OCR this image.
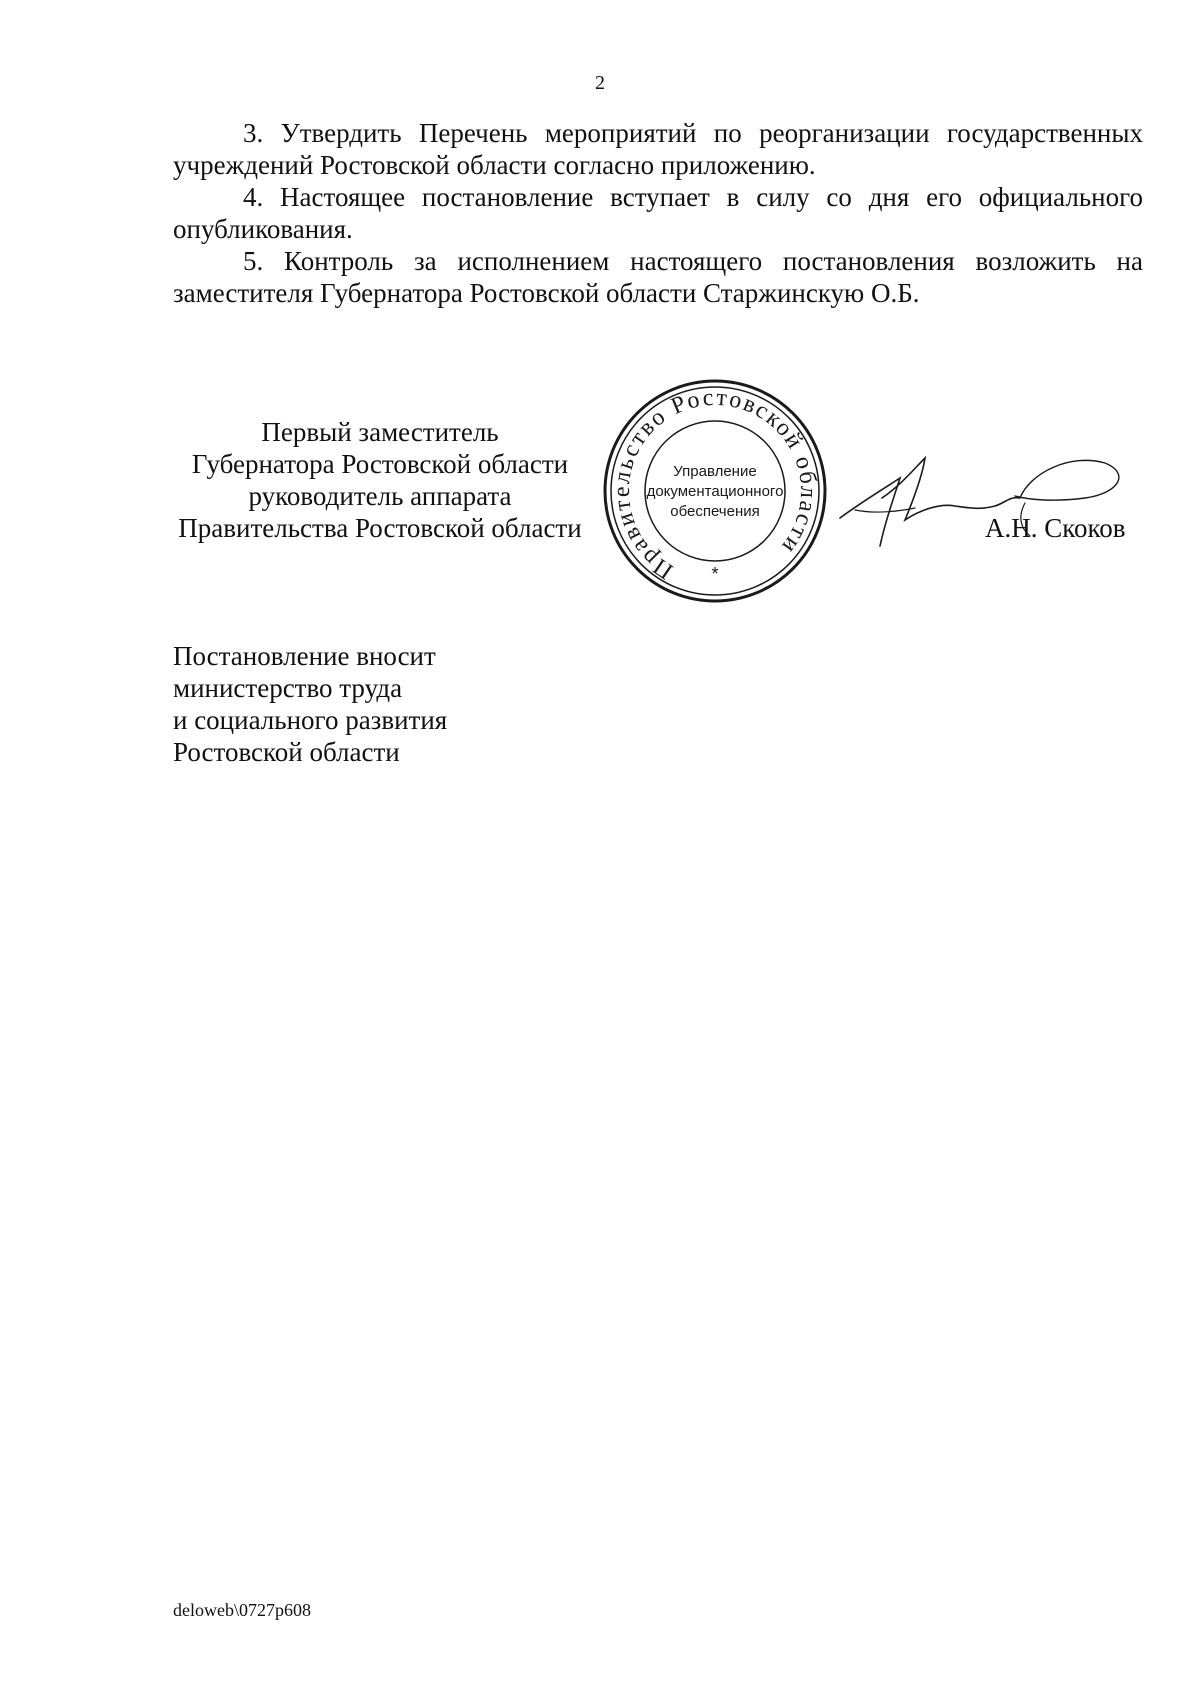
2

3. Утвердить Перечень мероприятий по реорганизации государственных учреждений Ростовской области согласно приложению.

4. Настоящее постановление вступает в силу со дня его официального опубликования.

5. Контроль за исполнением настоящего постановления возложить на заместителя Губернатора Ростовской области Старжинскую О.Б.

Первый заместитель
Губернатора Ростовской области
руководитель аппарата
Правительства Ростовской области
Правительство Ростовской области
Управление
документационного
обеспечения
*
А.Н. Скоков
Постановление вносит
министерство труда
и социального развития
Ростовской области
deloweb\0727p608
